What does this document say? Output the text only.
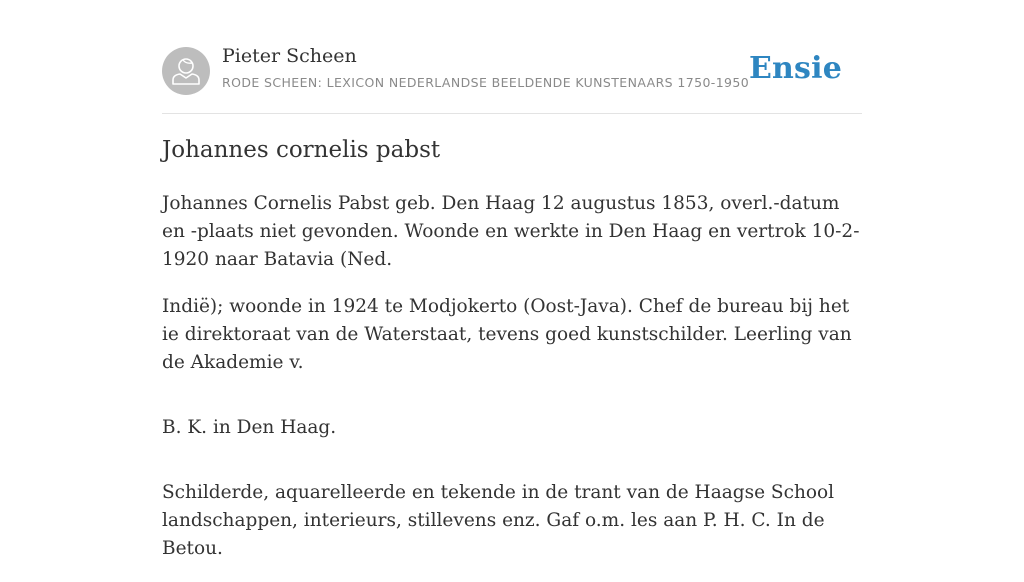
Pieter Scheen
RODE SCHEEN: LEXICON NEDERLANDSE BEELDENDE KUNSTENAARS 1750-1950 Ensie
Johannes cornelis pabst

Johannes Cornelis Pabst geb. Den Haag 12 augustus 1853, overl.-datum en -plaats niet gevonden. Woonde en werkte in Den Haag en vertrok 10-2-1920 naar Batavia (Ned.

Indië); woonde in 1924 te Modjokerto (Oost-Java). Chef de bureau bij het ie direktoraat van de Waterstaat, tevens goed kunstschilder. Leerling van de Akademie v.

B. K. in Den Haag.

Schilderde, aquarelleerde en tekende in de trant van de Haagse School landschappen, interieurs, stillevens enz. Gaf o.m. les aan P. H. C. In de Betou.
